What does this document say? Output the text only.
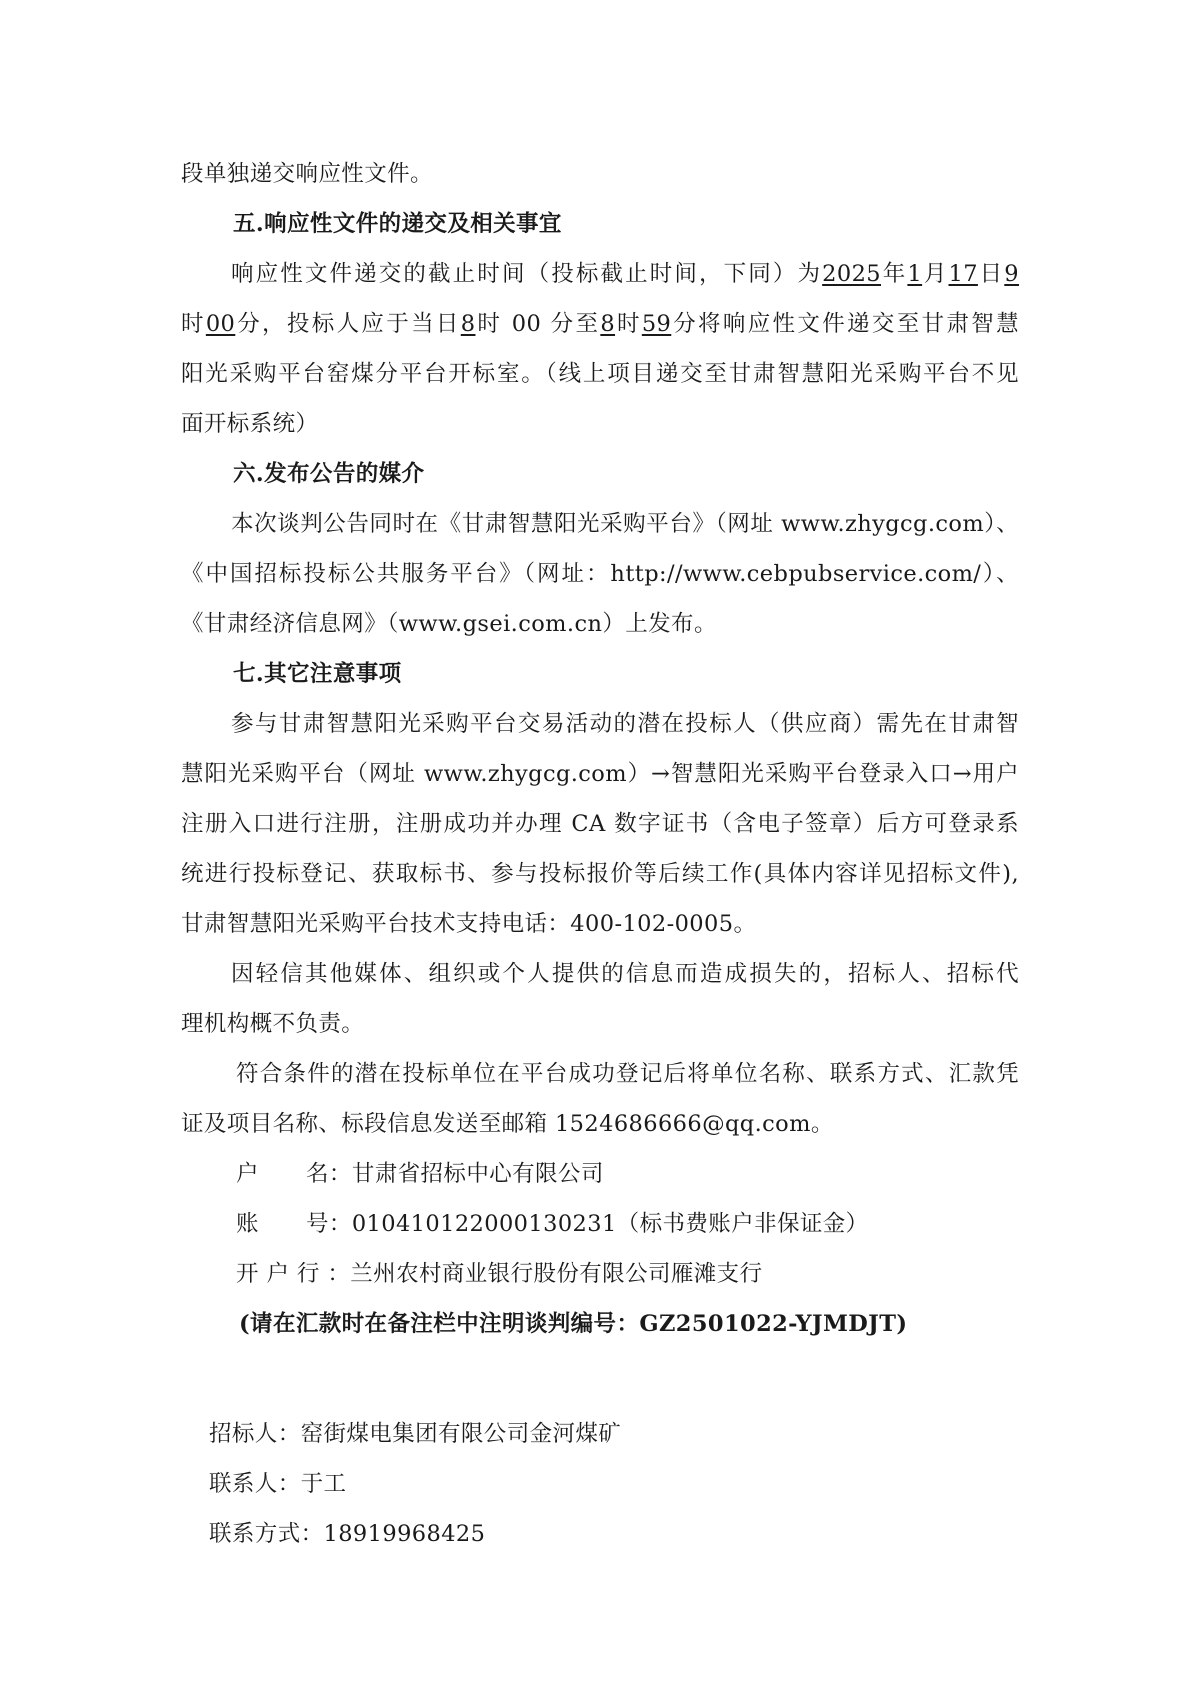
段单独递交响应性文件。
五.响应性文件的递交及相关事宜
响应性文件递交的截止时间（投标截止时间，下同）为2025年1月17日9
时00分，投标人应于当日8时 00 分至8时59分将响应性文件递交至甘肃智慧
阳光采购平台窑煤分平台开标室。（线上项目递交至甘肃智慧阳光采购平台不见
面开标系统）
六.发布公告的媒介
本次谈判公告同时在《甘肃智慧阳光采购平台》（网址 www.zhygcg.com）、
《中国招标投标公共服务平台》（网址：http://www.cebpubservice.com/）、
《甘肃经济信息网》（www.gsei.com.cn）上发布。
七.其它注意事项
参与甘肃智慧阳光采购平台交易活动的潜在投标人（供应商）需先在甘肃智
慧阳光采购平台（网址 www.zhygcg.com）→智慧阳光采购平台登录入口→用户
注册入口进行注册，注册成功并办理 CA 数字证书（含电子签章）后方可登录系
统进行投标登记、获取标书、参与投标报价等后续工作(具体内容详见招标文件),
甘肃智慧阳光采购平台技术支持电话：400-102-0005。
因轻信其他媒体、组织或个人提供的信息而造成损失的，招标人、招标代
理机构概不负责。
符合条件的潜在投标单位在平台成功登记后将单位名称、联系方式、汇款凭
证及项目名称、标段信息发送至邮箱 1524686666@qq.com。
户 名：甘肃省招标中心有限公司
账 号：010410122000130231（标书费账户非保证金）
开 户 行 ：兰州农村商业银行股份有限公司雁滩支行
(请在汇款时在备注栏中注明谈判编号：GZ2501022-YJMDJT)
招标人：窑街煤电集团有限公司金河煤矿
联系人：于工
联系方式：18919968425
